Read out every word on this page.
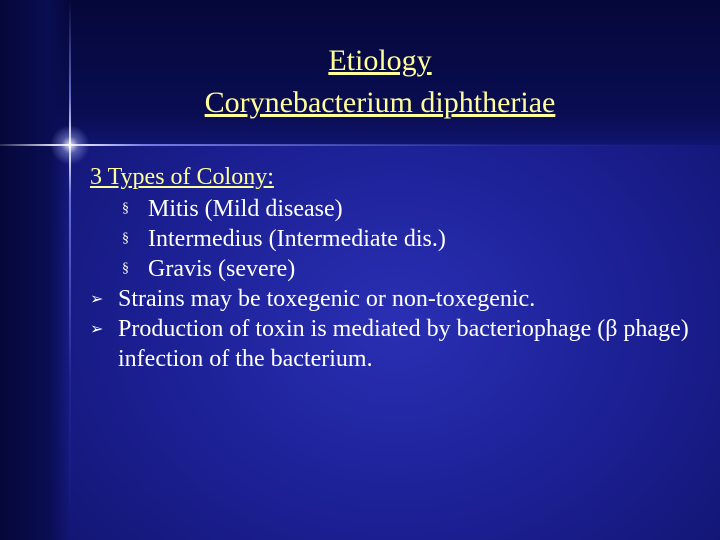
Etiology
Corynebacterium diphtheriae
3 Types of Colony:
§ Mitis (Mild disease)
§ Intermedius (Intermediate dis.)
§ Gravis (severe)
➢ Strains may be toxegenic or non-toxegenic.
➢ Production of toxin is mediated by bacteriophage (β phage) infection of the bacterium.
